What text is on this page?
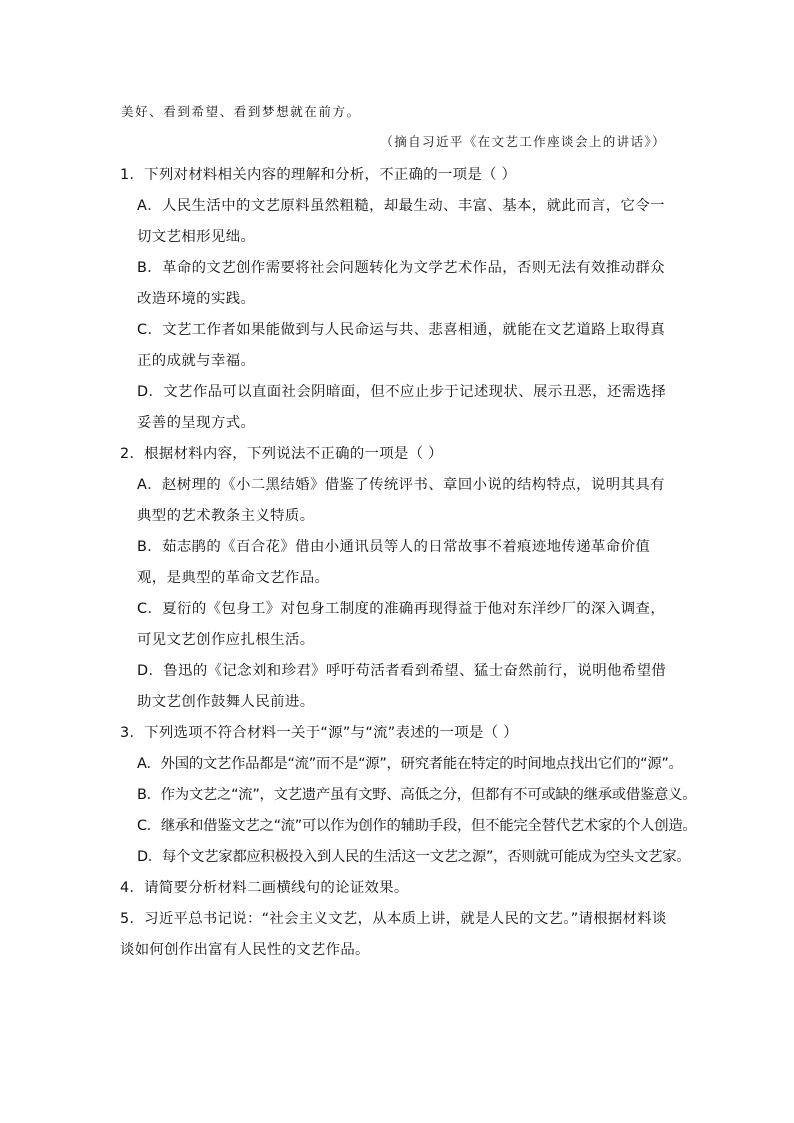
美好、看到希望、看到梦想就在前方。
（摘自习近平《在文艺工作座谈会上的讲话》）

1．下列对材料相关内容的理解和分析，不正确的一项是（ ）

A．人民生活中的文艺原料虽然粗糙，却最生动、丰富、基本，就此而言，它令一切文艺相形见绌。

B．革命的文艺创作需要将社会问题转化为文学艺术作品，否则无法有效推动群众改造环境的实践。

C．文艺工作者如果能做到与人民命运与共、悲喜相通，就能在文艺道路上取得真正的成就与幸福。

D．文艺作品可以直面社会阴暗面，但不应止步于记述现状、展示丑恶，还需选择妥善的呈现方式。

2．根据材料内容，下列说法不正确的一项是（ ）

A．赵树理的《小二黑结婚》借鉴了传统评书、章回小说的结构特点，说明其具有典型的艺术教条主义特质。

B．茹志鹃的《百合花》借由小通讯员等人的日常故事不着痕迹地传递革命价值观，是典型的革命文艺作品。

C．夏衍的《包身工》对包身工制度的准确再现得益于他对东洋纱厂的深入调查，可见文艺创作应扎根生活。

D．鲁迅的《记念刘和珍君》呼吁苟活者看到希望、猛士奋然前行，说明他希望借助文艺创作鼓舞人民前进。

3．下列选项不符合材料一关于“源”与“流”表述的一项是（ ）

A．外国的文艺作品都是“流”而不是“源”，研究者能在特定的时间地点找出它们的“源”。

B．作为文艺之“流”，文艺遗产虽有文野、高低之分，但都有不可或缺的继承或借鉴意义。

C．继承和借鉴文艺之“流”可以作为创作的辅助手段，但不能完全替代艺术家的个人创造。

D．每个文艺家都应积极投入到人民的生活这一文艺之源”，否则就可能成为空头文艺家。

4．请简要分析材料二画横线句的论证效果。

5．习近平总书记说：“社会主义文艺，从本质上讲，就是人民的文艺。”请根据材料谈谈如何创作出富有人民性的文艺作品。
